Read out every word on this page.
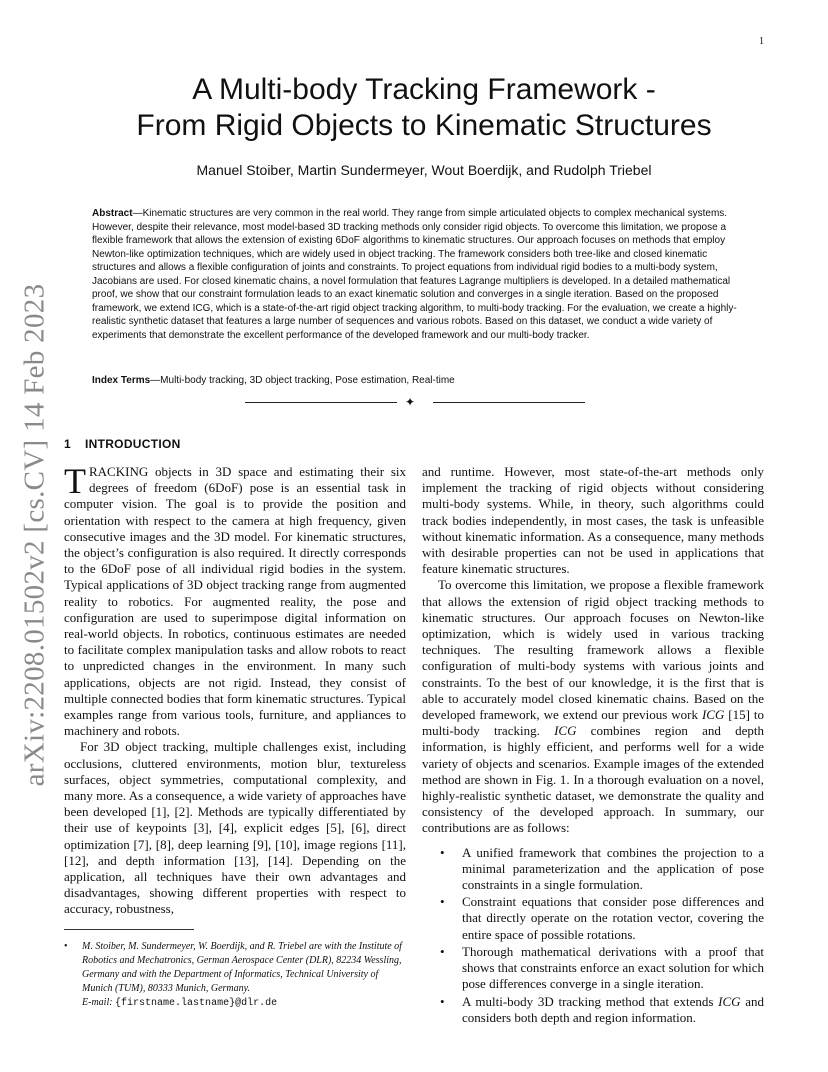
1
arXiv:2208.01502v2 [cs.CV] 14 Feb 2023
A Multi-body Tracking Framework -
From Rigid Objects to Kinematic Structures
Manuel Stoiber, Martin Sundermeyer, Wout Boerdijk, and Rudolph Triebel
Abstract—Kinematic structures are very common in the real world. They range from simple articulated objects to complex mechanical systems. However, despite their relevance, most model-based 3D tracking methods only consider rigid objects. To overcome this limitation, we propose a flexible framework that allows the extension of existing 6DoF algorithms to kinematic structures. Our approach focuses on methods that employ Newton-like optimization techniques, which are widely used in object tracking. The framework considers both tree-like and closed kinematic structures and allows a flexible configuration of joints and constraints. To project equations from individual rigid bodies to a multi-body system, Jacobians are used. For closed kinematic chains, a novel formulation that features Lagrange multipliers is developed. In a detailed mathematical proof, we show that our constraint formulation leads to an exact kinematic solution and converges in a single iteration. Based on the proposed framework, we extend ICG, which is a state-of-the-art rigid object tracking algorithm, to multi-body tracking. For the evaluation, we create a highly-realistic synthetic dataset that features a large number of sequences and various robots. Based on this dataset, we conduct a wide variety of experiments that demonstrate the excellent performance of the developed framework and our multi-body tracker.
Index Terms—Multi-body tracking, 3D object tracking, Pose estimation, Real-time
✦
1 INTRODUCTION

TRACKING objects in 3D space and estimating their six degrees of freedom (6DoF) pose is an essential task in computer vision. The goal is to provide the position and orientation with respect to the camera at high frequency, given consecutive images and the 3D model. For kinematic structures, the object’s configuration is also required. It directly corresponds to the 6DoF pose of all individual rigid bodies in the system. Typical applications of 3D object tracking range from augmented reality to robotics. For augmented reality, the pose and configuration are used to superimpose digital information on real-world objects. In robotics, continuous estimates are needed to facilitate complex manipulation tasks and allow robots to react to unpredicted changes in the environment. In many such applications, objects are not rigid. Instead, they consist of multiple connected bodies that form kinematic structures. Typical examples range from various tools, furniture, and appliances to machinery and robots.

For 3D object tracking, multiple challenges exist, including occlusions, cluttered environments, motion blur, textureless surfaces, object symmetries, computational complexity, and many more. As a consequence, a wide variety of approaches have been developed [1], [2]. Methods are typically differentiated by their use of keypoints [3], [4], explicit edges [5], [6], direct optimization [7], [8], deep learning [9], [10], image regions [11], [12], and depth information [13], [14]. Depending on the application, all techniques have their own advantages and disadvantages, showing different properties with respect to accuracy, robustness,

• M. Stoiber, M. Sundermeyer, W. Boerdijk, and R. Triebel are with the Institute of Robotics and Mechatronics, German Aerospace Center (DLR), 82234 Wessling, Germany and with the Department of Informatics, Technical University of Munich (TUM), 80333 Munich, Germany.
E-mail: {firstname.lastname}@dlr.de

and runtime. However, most state-of-the-art methods only implement the tracking of rigid objects without considering multi-body systems. While, in theory, such algorithms could track bodies independently, in most cases, the task is unfeasible without kinematic information. As a consequence, many methods with desirable properties can not be used in applications that feature kinematic structures.

To overcome this limitation, we propose a flexible framework that allows the extension of rigid object tracking methods to kinematic structures. Our approach focuses on Newton-like optimization, which is widely used in various tracking techniques. The resulting framework allows a flexible configuration of multi-body systems with various joints and constraints. To the best of our knowledge, it is the first that is able to accurately model closed kinematic chains. Based on the developed framework, we extend our previous work ICG [15] to multi-body tracking. ICG combines region and depth information, is highly efficient, and performs well for a wide variety of objects and scenarios. Example images of the extended method are shown in Fig. 1. In a thorough evaluation on a novel, highly-realistic synthetic dataset, we demonstrate the quality and consistency of the developed approach. In summary, our contributions are as follows:

• A unified framework that combines the projection to a minimal parameterization and the application of pose constraints in a single formulation.
• Constraint equations that consider pose differences and that directly operate on the rotation vector, covering the entire space of possible rotations.
• Thorough mathematical derivations with a proof that shows that constraints enforce an exact solution for which pose differences converge in a single iteration.
• A multi-body 3D tracking method that extends ICG and considers both depth and region information.
